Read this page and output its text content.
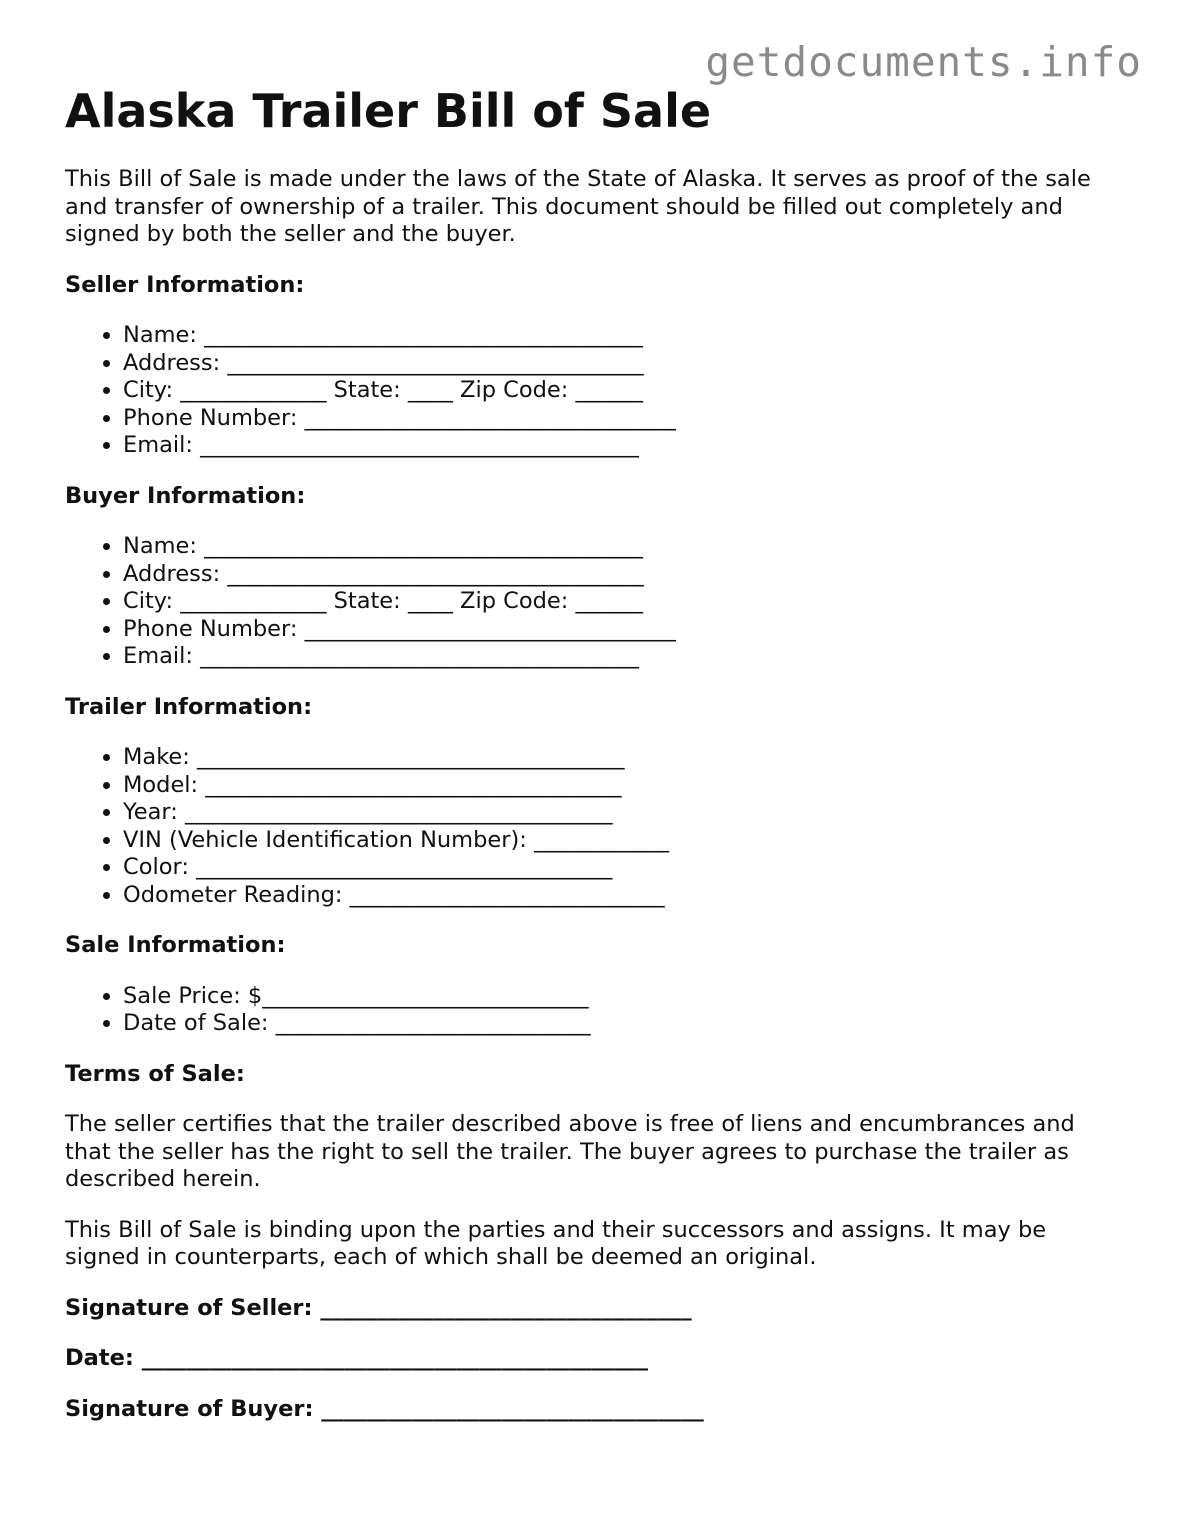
getdocuments.info
Alaska Trailer Bill of Sale

This Bill of Sale is made under the laws of the State of Alaska. It serves as proof of the sale and transfer of ownership of a trailer. This document should be filled out completely and signed by both the seller and the buyer.

Seller Information:
• Name: _______________________________________
• Address: _____________________________________
• City: _____________ State: ____ Zip Code: ______
• Phone Number: _________________________________
• Email: _______________________________________
Buyer Information:
• Name: _______________________________________
• Address: _____________________________________
• City: _____________ State: ____ Zip Code: ______
• Phone Number: _________________________________
• Email: _______________________________________
Trailer Information:
• Make: ______________________________________
• Model: _____________________________________
• Year: ______________________________________
• VIN (Vehicle Identification Number): ____________
• Color: _____________________________________
• Odometer Reading: ____________________________
Sale Information:
• Sale Price: $_____________________________
• Date of Sale: ____________________________
Terms of Sale:

The seller certifies that the trailer described above is free of liens and encumbrances and that the seller has the right to sell the trailer. The buyer agrees to purchase the trailer as described herein.

This Bill of Sale is binding upon the parties and their successors and assigns. It may be signed in counterparts, each of which shall be deemed an original.

Signature of Seller: _________________________________
Date: _____________________________________________
Signature of Buyer: __________________________________
